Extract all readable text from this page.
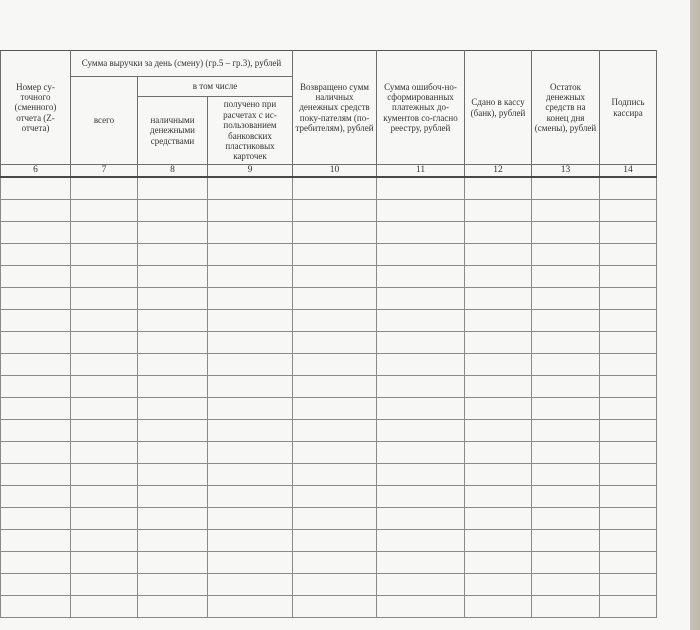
Номер су-точного (сменного) отчета (Z-отчета)	Сумма выручки за день (смену) (гр.5 – гр.3), рублей			Возвращено сумм наличных денежных средств поку-пателям (по-требителям), рублей	Сумма ошибоч-но-сформированных платежных до-кументов со-гласно реестру, рублей	Сдано в кассу (банк), рублей	Остаток денежных средств на конец дня (смены), рублей	Подпись кассира
	всего	в том числе						
		наличными денежными средствами	получено при расчетах с ис-пользованием банковских пластиковых карточек					
6	7	8	9	10	11	12	13	14
